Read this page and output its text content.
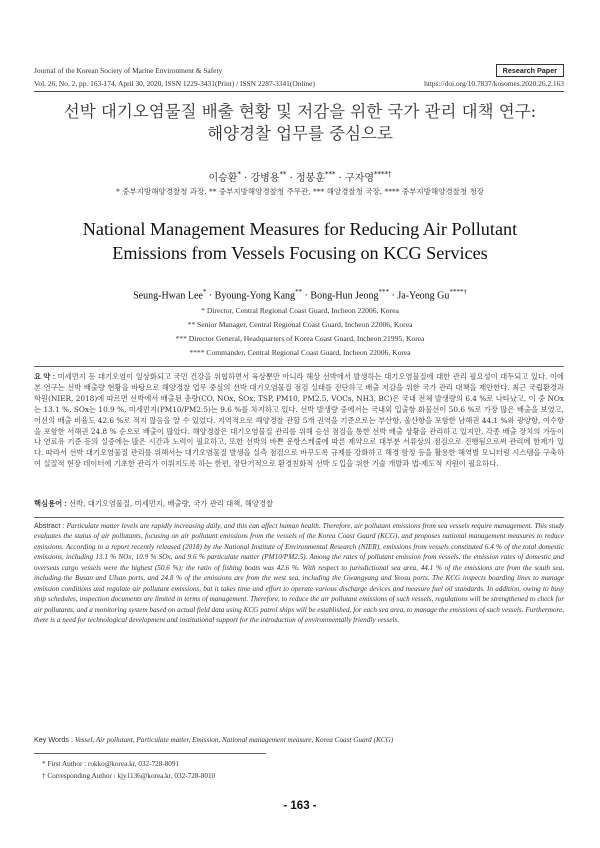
Journal of the Korean Society of Marine Environment & Safety	Research Paper
Vol. 26, No. 2, pp. 163-174, April 30, 2020, ISSN 1229-3431(Print) / ISSN 2287-3341(Online)	https://doi.org/10.7837/kosomes.2020.26.2.163
선박 대기오염물질 배출 현황 및 저감을 위한 국가 관리 대책 연구:
해양경찰 업무를 중심으로
이승환* · 강병용** · 정봉훈*** · 구자영****†
* 중부지방해양경찰청 과장, ** 중부지방해양경찰청 주무관, *** 해양경찰청 국장, **** 중부지방해양경찰청 청장
National Management Measures for Reducing Air Pollutant
Emissions from Vessels Focusing on KCG Services
Seung-Hwan Lee* · Byoung-Yong Kang** · Bong-Hun Jeong*** · Ja-Yeong Gu****†
* Director, Central Regional Coast Guard, Incheon 22006, Korea
** Senior Manager, Central Regional Coast Guard, Incheon 22006, Korea
*** Director General, Headquarters of Korea Coast Guard, Incheon 21995, Korea
**** Commander, Central Regional Coast Guard, Incheon 22006, Korea
요 약 : 미세먼지 등 대기오염이 일상화되고 국민 건강을 위협하면서 육상뿐만 아니라 해상 선박에서 발생하는 대기오염물질에 대한 관리 필요성이 대두되고 있다. 이에 본 연구는 선박 배출량 현황을 바탕으로 해양경찰 업무 중심의 선박 대기오염물질 점검 실태를 진단하고 배출 저감을 위한 국가 관리 대책을 제안한다. 최근 국립환경과학원(NIER, 2018)에 따르면 선박에서 배출된 총량(CO, NOx, SOx, TSP, PM10, PM2.5, VOCs, NH3, BC)은 국내 전체 발생량의 6.4 %로 나타났고, 이 중 NOx는 13.1 %, SOx는 10.9 %, 미세먼지(PM10/PM2.5)는 9.6 %를 차지하고 있다. 선박 발생량 중에서는 국내외 입출항 화물선이 50.6 %로 가장 많은 배출을 보였고, 어선의 배출 비율도 42.6 %로 적지 않음을 알 수 있었다. 지역적으로 해양경찰 관할 5개 권역을 기준으로는 부산항, 울산항을 포함한 남해권 44.1 %와 광양항, 여수항을 포함한 서해권 24.8 % 순으로 배출이 많았다. 해양경찰은 대기오염물질 관리를 위해 승선 점검을 통한 선박 배출 상황을 관리하고 있지만, 각종 배출 장치의 가동이나 연료유 기준 등의 실증에는 많은 시간과 노력이 필요하고, 또한 선박의 바쁜 운항스케줄에 따른 제약으로 대부분 서류상의 점검으로 진행됨으로써 관리에 한계가 있다. 따라서 선박 대기오염물질 관리를 위해서는 대기오염물질 발생을 실측 점검으로 바꾸도록 규제를 강화하고 해경 함정 등을 활용한 해역별 모니터링 시스템을 구축하여 실질적 현장 데이터에 기초한 관리가 이뤄지도록 하는 한편, 장단기적으로 환경친화적 선박 도입을 위한 기술 개발과 법·제도적 지원이 필요하다.
핵심용어 : 선박, 대기오염물질, 미세먼지, 배출량, 국가 관리 대책, 해양경찰
Abstract : Particulate matter levels are rapidly increasing daily, and this can affect human health. Therefore, air pollutant emissions from sea vessels require management. This study evaluates the status of air pollutants, focusing on air pollutant emissions from the vessels of the Korea Coast Guard (KCG), and proposes national management measures to reduce emissions. According to a report recently released (2018) by the National Institute of Environmental Research (NIER), emissions from vessels constituted 6.4 % of the total domestic emissions, including 13.1 % NOx, 10.9 % SOx, and 9.6 % particulate matter (PM10/PM2.5). Among the rates of pollutant emission from vessels, the emission rates of domestic and overseas cargo vessels were the highest (50.6 %); the ratio of fishing boats was 42.6 %. With respect to jurisdictional sea area, 44.1 % of the emissions are from the south sea, including the Busan and Ulsan ports, and 24.8 % of the emissions are from the west sea, including the Gwangyang and Yeosu ports. The KCG inspects boarding lines to manage emission conditions and regulate air pollutant emissions, but it takes time and effort to operate various discharge devices and measure fuel oil standards. In addition, owing to busy ship schedules, inspection documents are limited in terms of management. Therefore, to reduce the air pollutant emissions of such vessels, regulations will be strengthened to check for air pollutants, and a monitoring system based on actual field data using KCG patrol ships will be established, for each sea area, to manage the emissions of such vessels. Furthermore, there is a need for technological development and institutional support for the introduction of environmentally friendly vessels.
Key Words : Vessel, Air pollutant, Particulate matter, Emission, National management measure, Korea Coast Guard (KCG)
* First Author : rokko@korea.kr, 032-728-8091
† Corresponding Author : kjy1136@korea.kr, 032-728-8010
- 163 -
